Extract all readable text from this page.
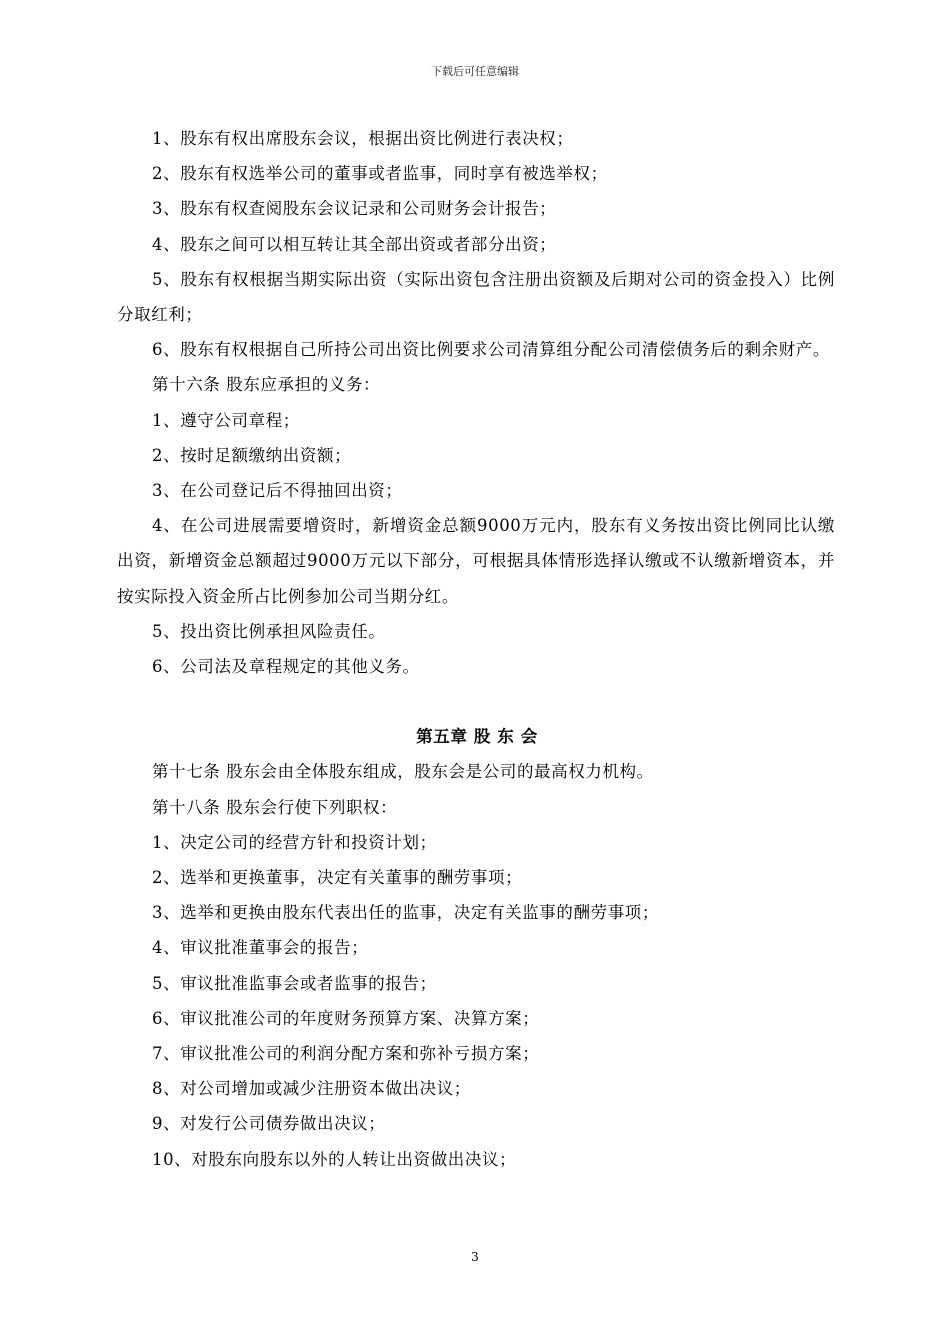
下载后可任意编辑

1、股东有权出席股东会议，根据出资比例进行表决权；

2、股东有权选举公司的董事或者监事，同时享有被选举权；

3、股东有权查阅股东会议记录和公司财务会计报告；

4、股东之间可以相互转让其全部出资或者部分出资；

5、股东有权根据当期实际出资（实际出资包含注册出资额及后期对公司的资金投入）比例分取红利；

6、股东有权根据自己所持公司出资比例要求公司清算组分配公司清偿债务后的剩余财产。

第十六条 股东应承担的义务：

1、遵守公司章程；

2、按时足额缴纳出资额；

3、在公司登记后不得抽回出资；

4、在公司进展需要增资时，新增资金总额9000万元内，股东有义务按出资比例同比认缴出资，新增资金总额超过9000万元以下部分，可根据具体情形选择认缴或不认缴新增资本，并按实际投入资金所占比例参加公司当期分红。

5、投出资比例承担风险责任。

6、公司法及章程规定的其他义务。

第五章 股 东 会

第十七条 股东会由全体股东组成，股东会是公司的最高权力机构。

第十八条 股东会行使下列职权：

1、决定公司的经营方针和投资计划；

2、选举和更换董事，决定有关董事的酬劳事项；

3、选举和更换由股东代表出任的监事，决定有关监事的酬劳事项；

4、审议批准董事会的报告；

5、审议批准监事会或者监事的报告；

6、审议批准公司的年度财务预算方案、决算方案；

7、审议批准公司的利润分配方案和弥补亏损方案；

8、对公司增加或减少注册资本做出决议；

9、对发行公司债券做出决议；

10、对股东向股东以外的人转让出资做出决议；

3
